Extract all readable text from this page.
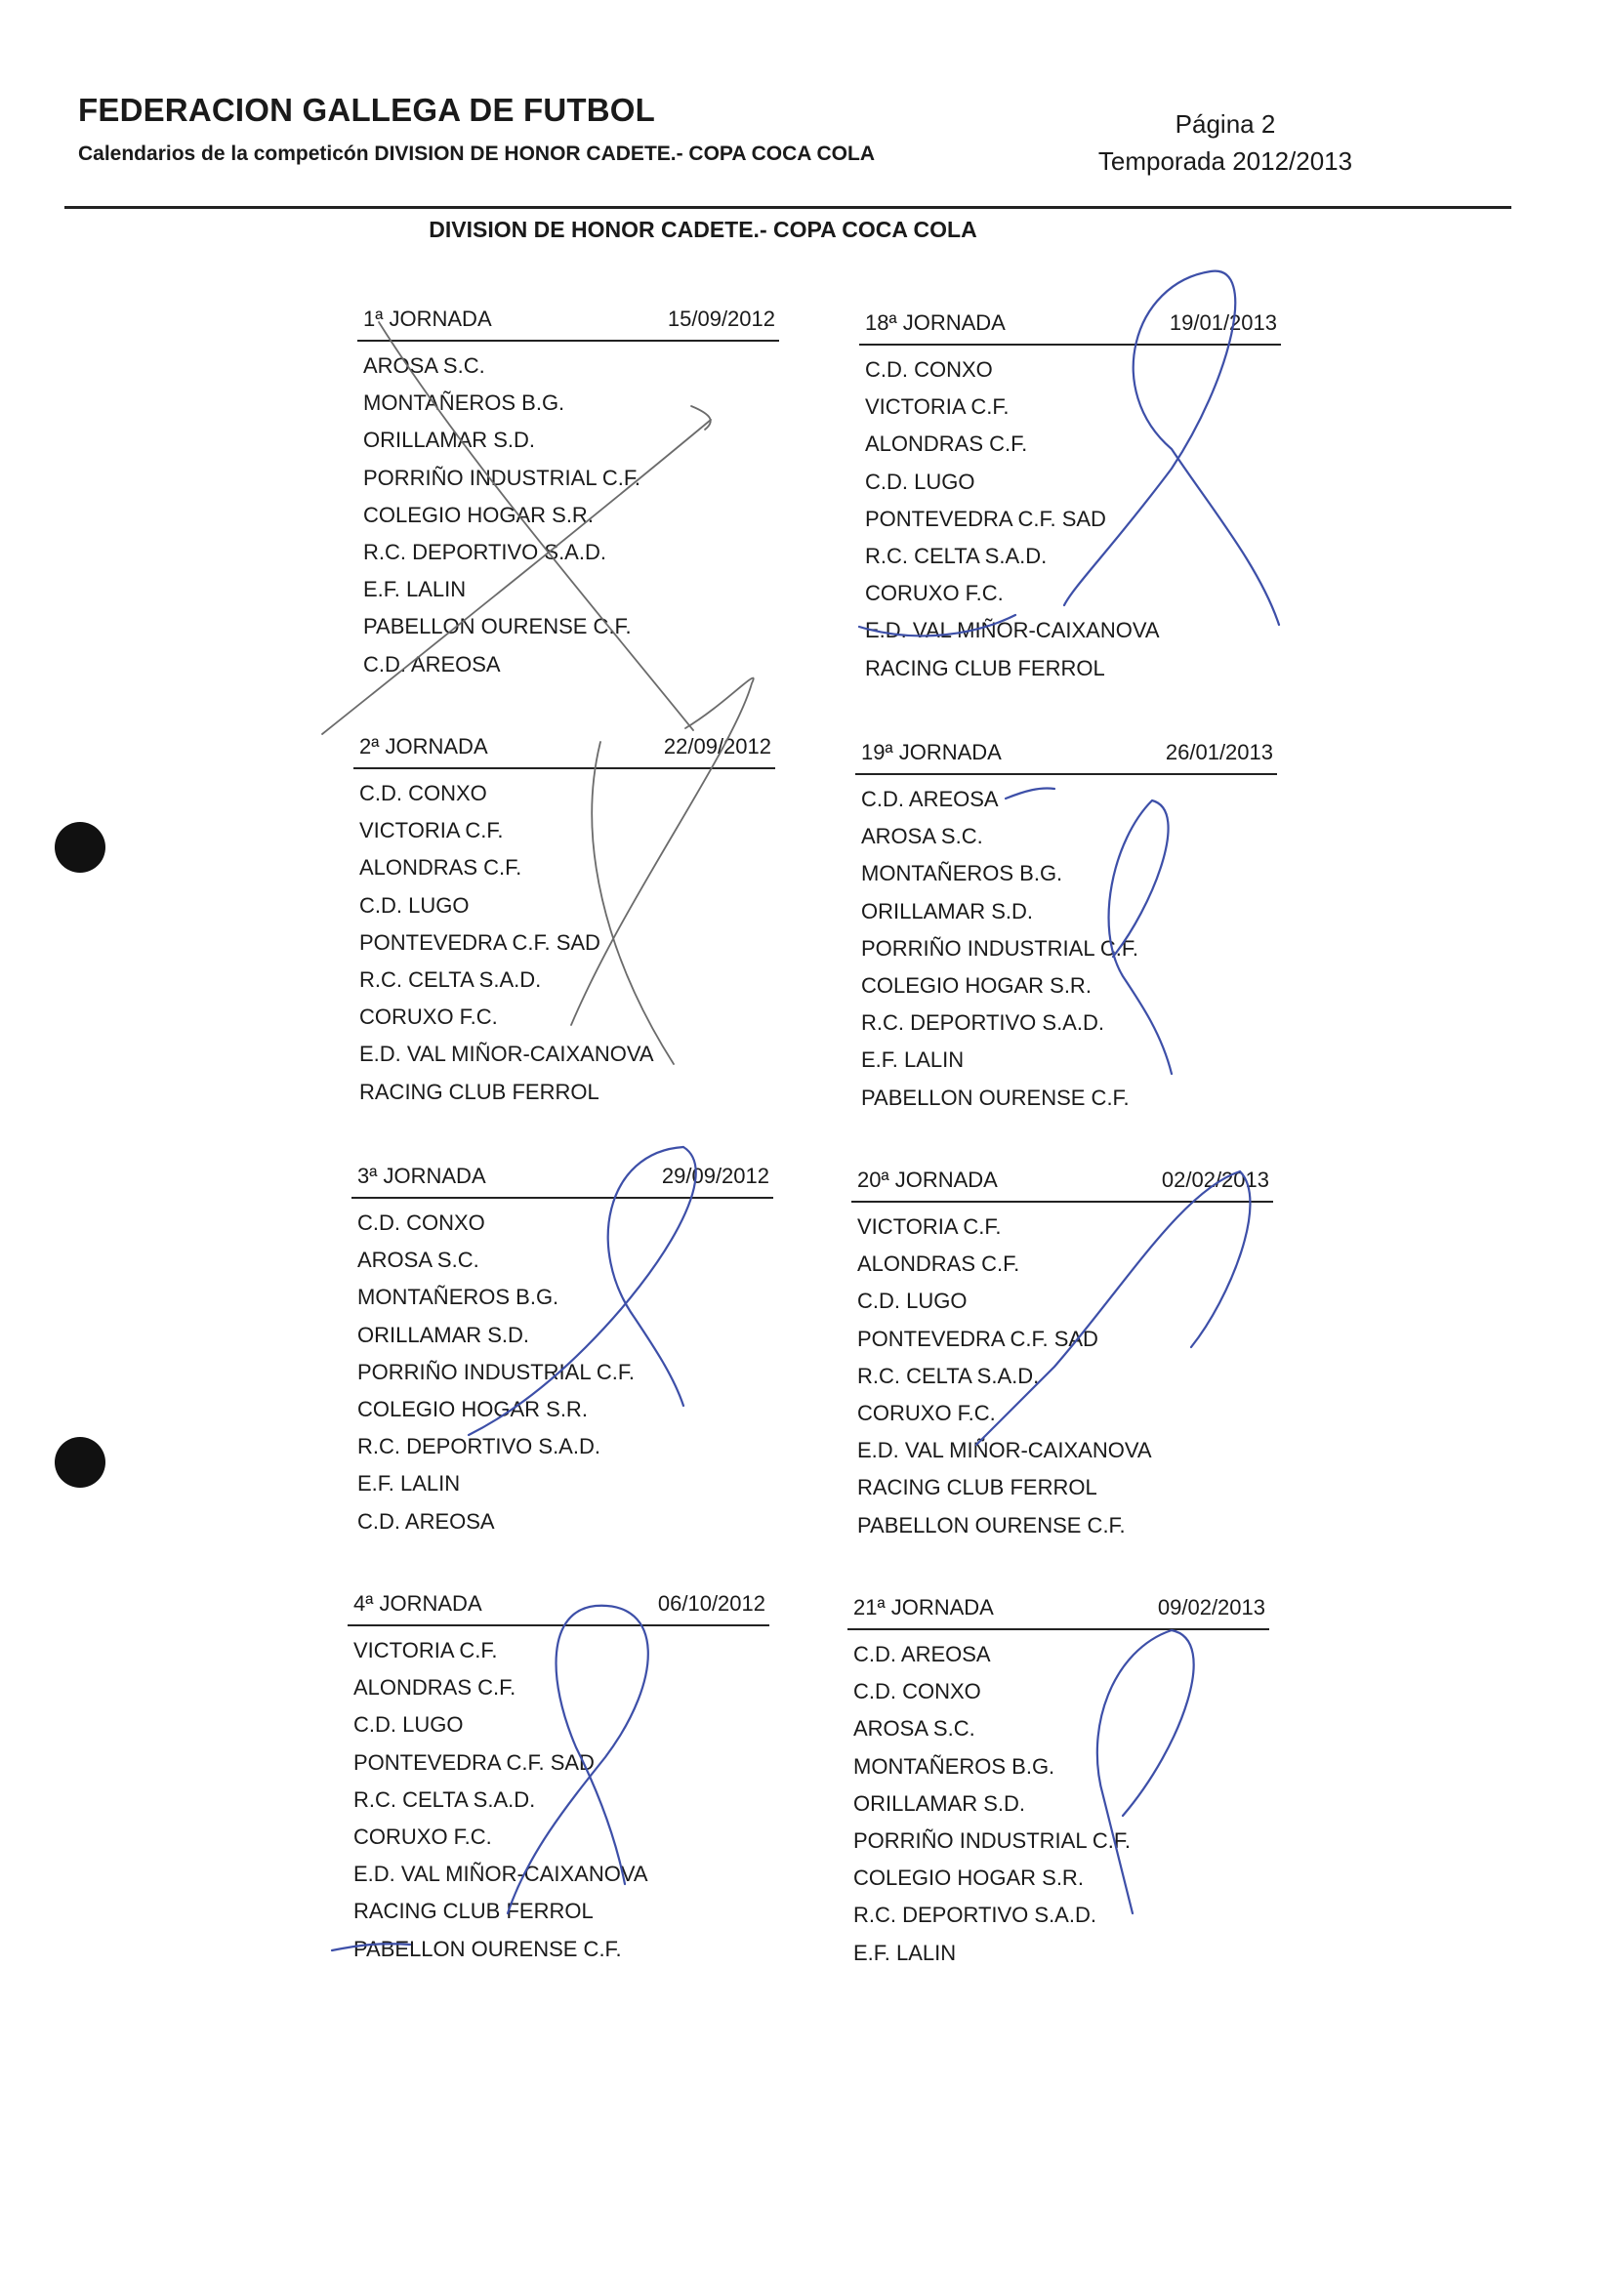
FEDERACION GALLEGA DE FUTBOL
Calendarios de la competicón DIVISION DE HONOR CADETE.- COPA COCA COLA
Página 2
Temporada 2012/2013
DIVISION DE HONOR CADETE.- COPA COCA COLA
1ª JORNADA	15/09/2012
AROSA S.C.
MONTAÑEROS B.G.
ORILLAMAR S.D.
PORRIÑO INDUSTRIAL C.F.
COLEGIO HOGAR S.R.
R.C. DEPORTIVO S.A.D.
E.F. LALIN
PABELLON OURENSE C.F.
C.D. AREOSA
18ª JORNADA	19/01/2013
C.D. CONXO
VICTORIA C.F.
ALONDRAS C.F.
C.D. LUGO
PONTEVEDRA C.F. SAD
R.C. CELTA S.A.D.
CORUXO F.C.
E.D. VAL MIÑOR-CAIXANOVA
RACING CLUB FERROL
2ª JORNADA	22/09/2012
C.D. CONXO
VICTORIA C.F.
ALONDRAS C.F.
C.D. LUGO
PONTEVEDRA C.F. SAD
R.C. CELTA S.A.D.
CORUXO F.C.
E.D. VAL MIÑOR-CAIXANOVA
RACING CLUB FERROL
19ª JORNADA	26/01/2013
C.D. AREOSA
AROSA S.C.
MONTAÑEROS B.G.
ORILLAMAR S.D.
PORRIÑO INDUSTRIAL C.F.
COLEGIO HOGAR S.R.
R.C. DEPORTIVO S.A.D.
E.F. LALIN
PABELLON OURENSE C.F.
3ª JORNADA	29/09/2012
C.D. CONXO
AROSA S.C.
MONTAÑEROS B.G.
ORILLAMAR S.D.
PORRIÑO INDUSTRIAL C.F.
COLEGIO HOGAR S.R.
R.C. DEPORTIVO S.A.D.
E.F. LALIN
C.D. AREOSA
20ª JORNADA	02/02/2013
VICTORIA C.F.
ALONDRAS C.F.
C.D. LUGO
PONTEVEDRA C.F. SAD
R.C. CELTA S.A.D.
CORUXO F.C.
E.D. VAL MIÑOR-CAIXANOVA
RACING CLUB FERROL
PABELLON OURENSE C.F.
4ª JORNADA	06/10/2012
VICTORIA C.F.
ALONDRAS C.F.
C.D. LUGO
PONTEVEDRA C.F. SAD
R.C. CELTA S.A.D.
CORUXO F.C.
E.D. VAL MIÑOR-CAIXANOVA
RACING CLUB FERROL
PABELLON OURENSE C.F.
21ª JORNADA	09/02/2013
C.D. AREOSA
C.D. CONXO
AROSA S.C.
MONTAÑEROS B.G.
ORILLAMAR S.D.
PORRIÑO INDUSTRIAL C.F.
COLEGIO HOGAR S.R.
R.C. DEPORTIVO S.A.D.
E.F. LALIN
